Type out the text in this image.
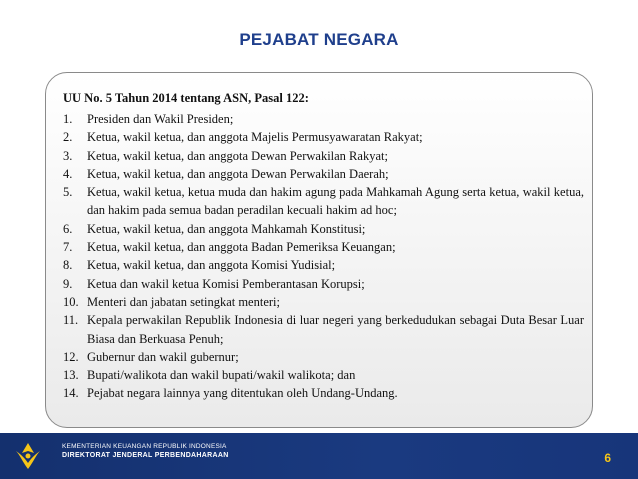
PEJABAT NEGARA
UU No. 5 Tahun 2014 tentang ASN, Pasal 122:
1.	Presiden dan Wakil Presiden;
2.	Ketua, wakil ketua, dan anggota Majelis Permusyawaratan Rakyat;
3.	Ketua, wakil ketua, dan anggota Dewan Perwakilan Rakyat;
4.	Ketua, wakil ketua, dan anggota Dewan Perwakilan Daerah;
5.	Ketua, wakil ketua, ketua muda dan hakim agung pada Mahkamah Agung serta ketua, wakil ketua, dan hakim pada semua badan peradilan kecuali hakim ad hoc;
6.	Ketua, wakil ketua, dan anggota Mahkamah Konstitusi;
7.	Ketua, wakil ketua, dan anggota Badan Pemeriksa Keuangan;
8.	Ketua, wakil ketua, dan anggota Komisi Yudisial;
9.	Ketua dan wakil ketua Komisi Pemberantasan Korupsi;
10. Menteri dan jabatan setingkat menteri;
11. Kepala perwakilan Republik Indonesia di luar negeri yang berkedudukan sebagai Duta Besar Luar Biasa dan Berkuasa Penuh;
12. Gubernur dan wakil gubernur;
13. Bupati/walikota dan wakil bupati/wakil walikota; dan
14. Pejabat negara lainnya yang ditentukan oleh Undang-Undang.
KEMENTERIAN KEUANGAN REPUBLIK INDONESIA
DIREKTORAT JENDERAL PERBENDAHARAAN	6
